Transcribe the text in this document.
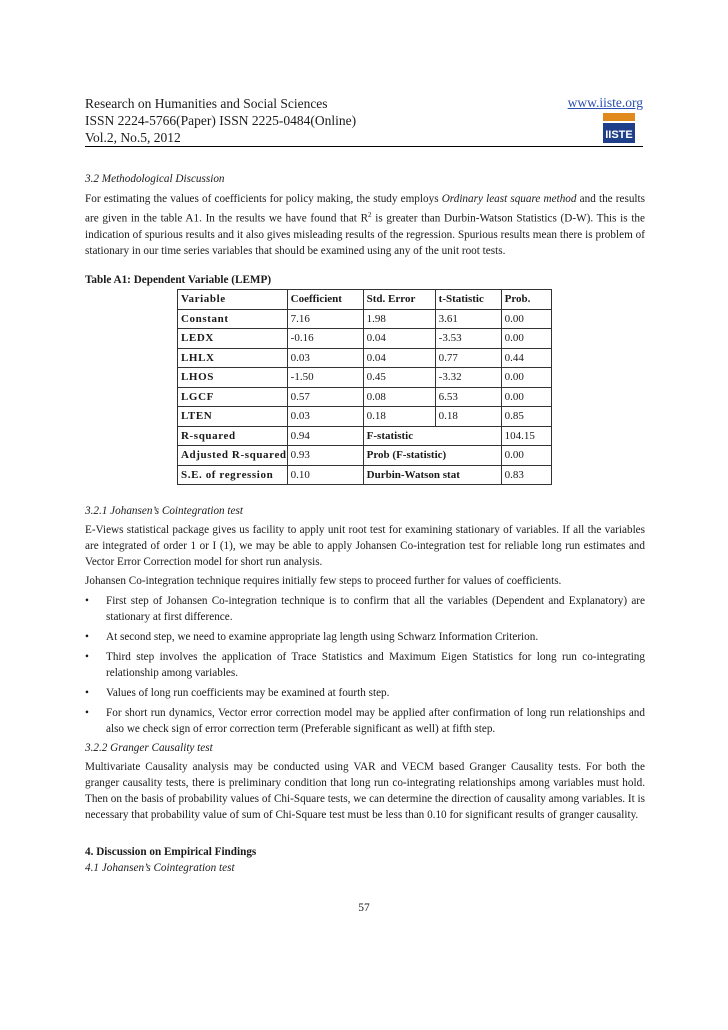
Research on Humanities and Social Sciences
ISSN 2224-5766(Paper) ISSN 2225-0484(Online)
Vol.2, No.5, 2012
www.iiste.org
IISTE
3.2 Methodological Discussion

For estimating the values of coefficients for policy making, the study employs Ordinary least square method and the results are given in the table A1. In the results we have found that $R^2$ is greater than Durbin-Watson Statistics (D-W). This is the indication of spurious results and it also gives misleading results of the regression. Spurious results mean there is problem of stationary in our time series variables that should be examined using any of the unit root tests.

Table A1: Dependent Variable (LEMP)
Variable	Coefficient	Std. Error	t-Statistic	Prob.
Constant	7.16	1.98	3.61	0.00
LEDX	-0.16	0.04	-3.53	0.00
LHLX	0.03	0.04	0.77	0.44
LHOS	-1.50	0.45	-3.32	0.00
LGCF	0.57	0.08	6.53	0.00
LTEN	0.03	0.18	0.18	0.85
R-squared	0.94	F-statistic		104.15
Adjusted R-squared	0.93	Prob (F-statistic)		0.00
S.E. of regression	0.10	Durbin-Watson stat		0.83
3.2.1 Johansen’s Cointegration test

E-Views statistical package gives us facility to apply unit root test for examining stationary of variables. If all the variables are integrated of order 1 or I (1), we may be able to apply Johansen Co-integration test for reliable long run estimates and Vector Error Correction model for short run analysis.

Johansen Co-integration technique requires initially few steps to proceed further for values of coefficients.

• First step of Johansen Co-integration technique is to confirm that all the variables (Dependent and Explanatory) are stationary at first difference.
• At second step, we need to examine appropriate lag length using Schwarz Information Criterion.
• Third step involves the application of Trace Statistics and Maximum Eigen Statistics for long run co-integrating relationship among variables.
• Values of long run coefficients may be examined at fourth step.
• For short run dynamics, Vector error correction model may be applied after confirmation of long run relationships and also we check sign of error correction term (Preferable significant as well) at fifth step.
3.2.2 Granger Causality test

Multivariate Causality analysis may be conducted using VAR and VECM based Granger Causality tests. For both the granger causality tests, there is preliminary condition that long run co-integrating relationships among variables must hold. Then on the basis of probability values of Chi-Square tests, we can determine the direction of causality among variables. It is necessary that probability value of sum of Chi-Square test must be less than 0.10 for significant results of granger causality.

4. Discussion on Empirical Findings
4.1 Johansen’s Cointegration test
57
